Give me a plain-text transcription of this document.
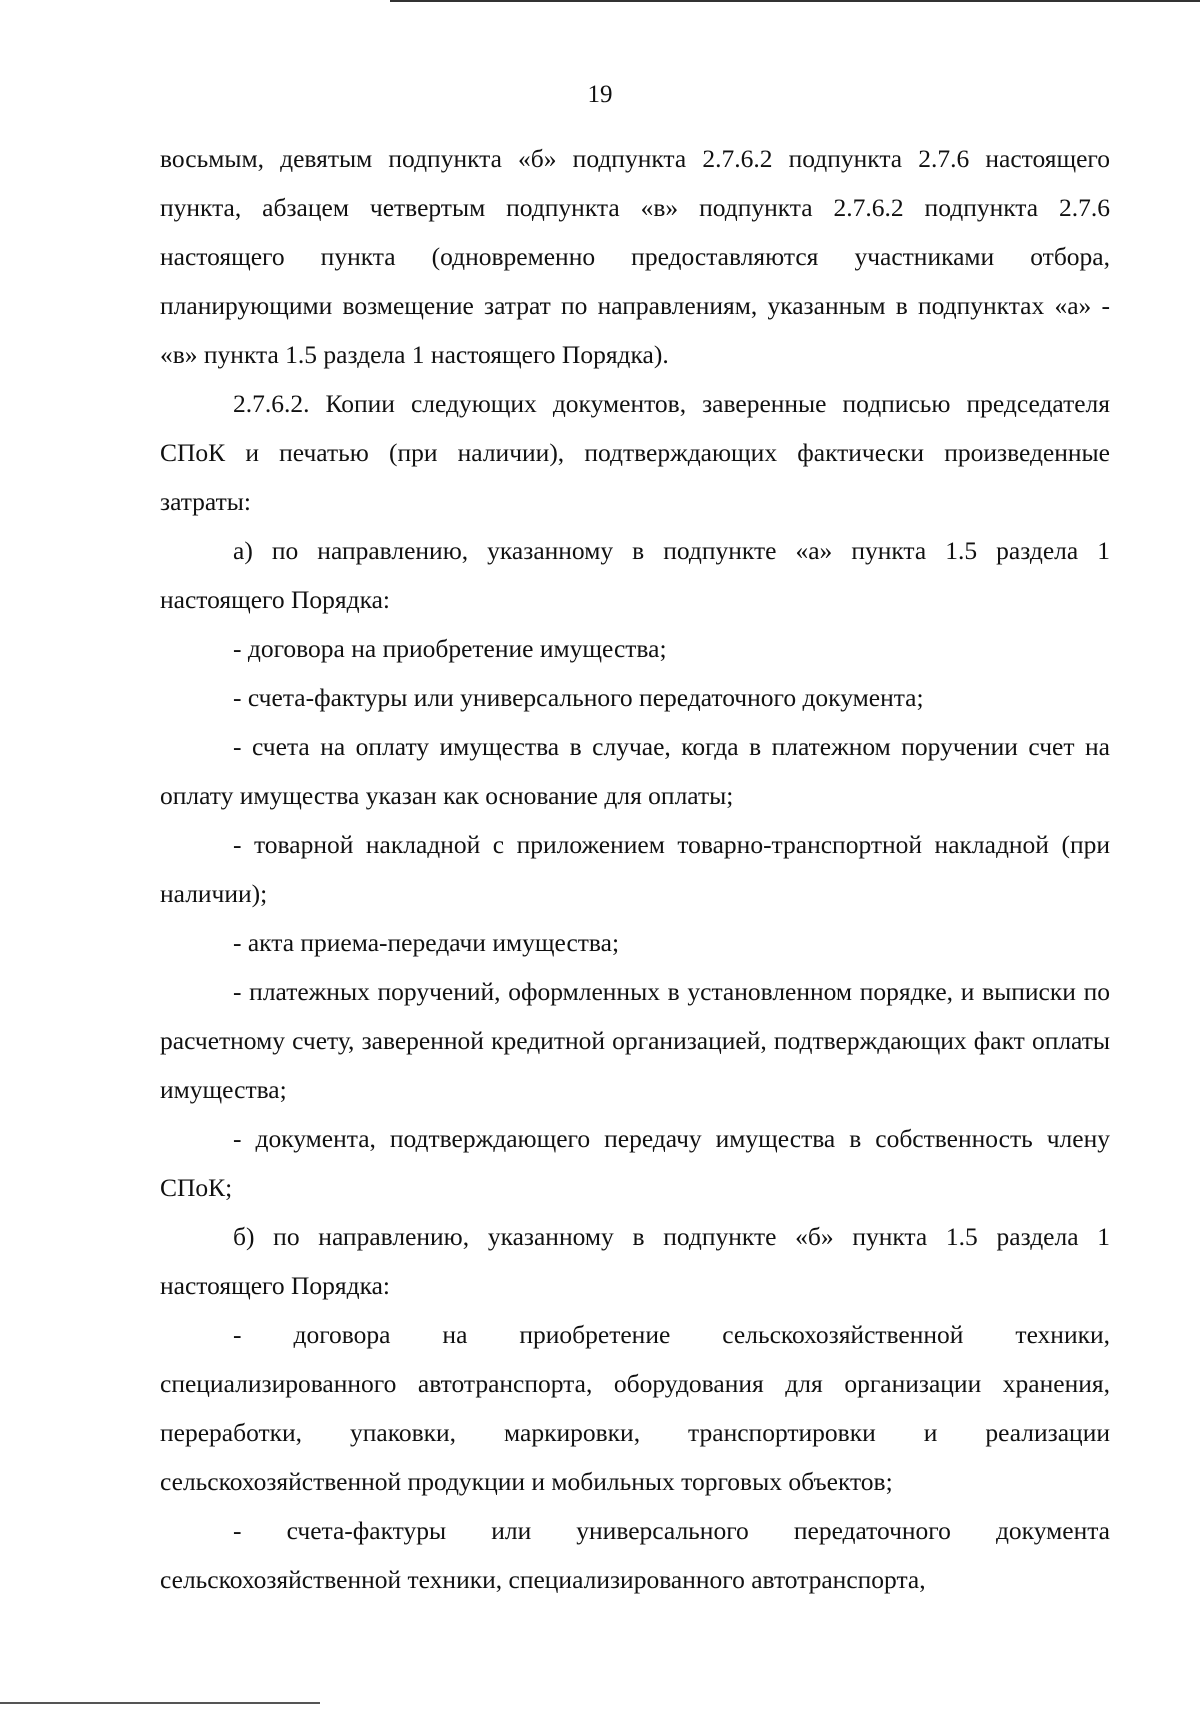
19

восьмым, девятым подпункта «б» подпункта 2.7.6.2 подпункта 2.7.6 настоящего пункта, абзацем четвертым подпункта «в» подпункта 2.7.6.2 подпункта 2.7.6 настоящего пункта (одновременно предоставляются участниками отбора, планирующими возмещение затрат по направлениям, указанным в подпунктах «а» - «в» пункта 1.5 раздела 1 настоящего Порядка).

2.7.6.2. Копии следующих документов, заверенные подписью председателя СПоК и печатью (при наличии), подтверждающих фактически произведенные затраты:

а) по направлению, указанному в подпункте «а» пункта 1.5 раздела 1 настоящего Порядка:

- договора на приобретение имущества;

- счета-фактуры или универсального передаточного документа;

- счета на оплату имущества в случае, когда в платежном поручении счет на оплату имущества указан как основание для оплаты;

- товарной накладной с приложением товарно-транспортной накладной (при наличии);

- акта приема-передачи имущества;

- платежных поручений, оформленных в установленном порядке, и выписки по расчетному счету, заверенной кредитной организацией, подтверждающих факт оплаты имущества;

- документа, подтверждающего передачу имущества в собственность члену СПоК;

б) по направлению, указанному в подпункте «б» пункта 1.5 раздела 1 настоящего Порядка:

- договора на приобретение сельскохозяйственной техники, специализированного автотранспорта, оборудования для организации хранения, переработки, упаковки, маркировки, транспортировки и реализации сельскохозяйственной продукции и мобильных торговых объектов;

- счета-фактуры или универсального передаточного документа сельскохозяйственной техники, специализированного автотранспорта,
